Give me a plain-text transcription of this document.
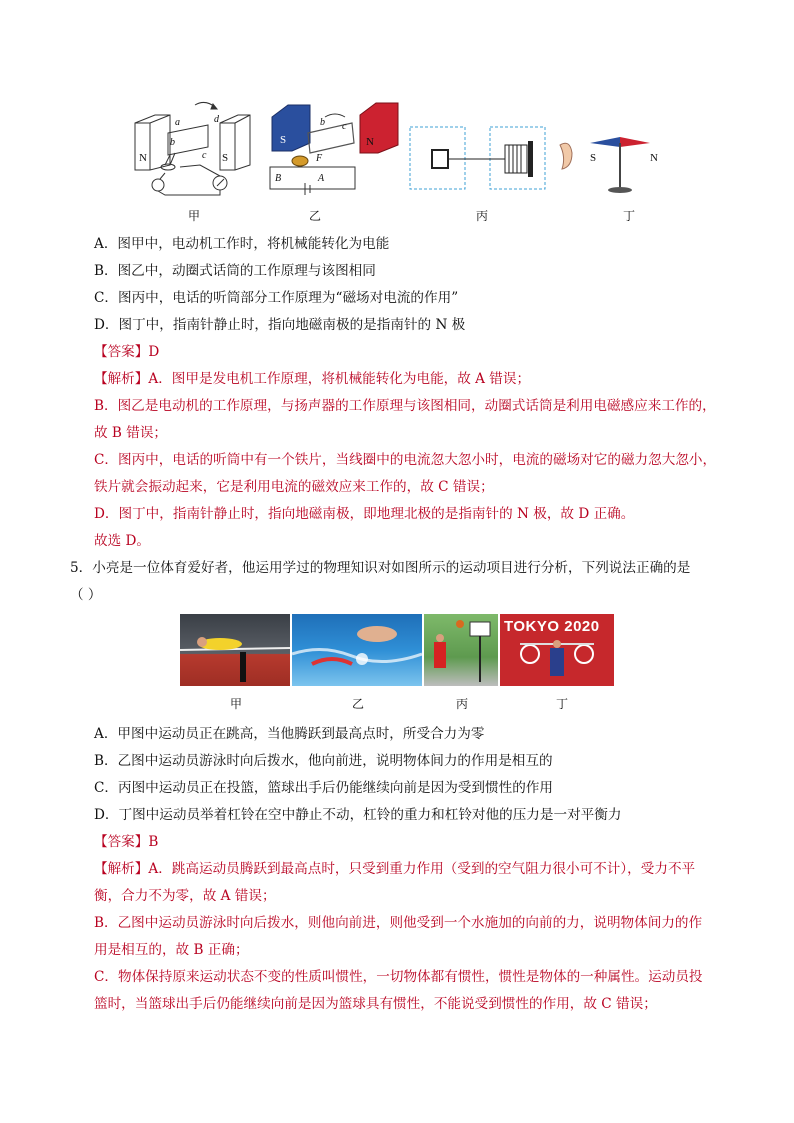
N	S
a
b
c
d
S	N
b c
F
B	A
S	N
甲	乙	丙	丁
A．图甲中，电动机工作时，将机械能转化为电能
B．图乙中，动圈式话筒的工作原理与该图相同
C．图丙中，电话的听筒部分工作原理为“磁场对电流的作用”
D．图丁中，指南针静止时，指向地磁南极的是指南针的 N 极
【答案】D
【解析】A．图甲是发电机工作原理，将机械能转化为电能，故 A 错误；
B．图乙是电动机的工作原理，与扬声器的工作原理与该图相同，动圈式话筒是利用电磁感应来工作的，
故 B 错误；
C．图丙中，电话的听筒中有一个铁片，当线圈中的电流忽大忽小时，电流的磁场对它的磁力忽大忽小，
铁片就会振动起来，它是利用电流的磁效应来工作的，故 C 错误；
D．图丁中，指南针静止时，指向地磁南极，即地理北极的是指南针的 N 极，故 D 正确。
故选 D。
5．小亮是一位体育爱好者，他运用学过的物理知识对如图所示的运动项目进行分析，下列说法正确的是
（ ）
TOKYO 2020
甲	乙	丙	丁
A．甲图中运动员正在跳高，当他腾跃到最高点时，所受合力为零
B．乙图中运动员游泳时向后拨水，他向前进，说明物体间力的作用是相互的
C．丙图中运动员正在投篮，篮球出手后仍能继续向前是因为受到惯性的作用
D．丁图中运动员举着杠铃在空中静止不动，杠铃的重力和杠铃对他的压力是一对平衡力
【答案】B
【解析】A．跳高运动员腾跃到最高点时，只受到重力作用（受到的空气阻力很小可不计），受力不平
衡，合力不为零，故 A 错误；
B．乙图中运动员游泳时向后拨水，则他向前进，则他受到一个水施加的向前的力，说明物体间力的作
用是相互的，故 B 正确；
C．物体保持原来运动状态不变的性质叫惯性，一切物体都有惯性，惯性是物体的一种属性。运动员投
篮时，当篮球出手后仍能继续向前是因为篮球具有惯性，不能说受到惯性的作用，故 C 错误；
